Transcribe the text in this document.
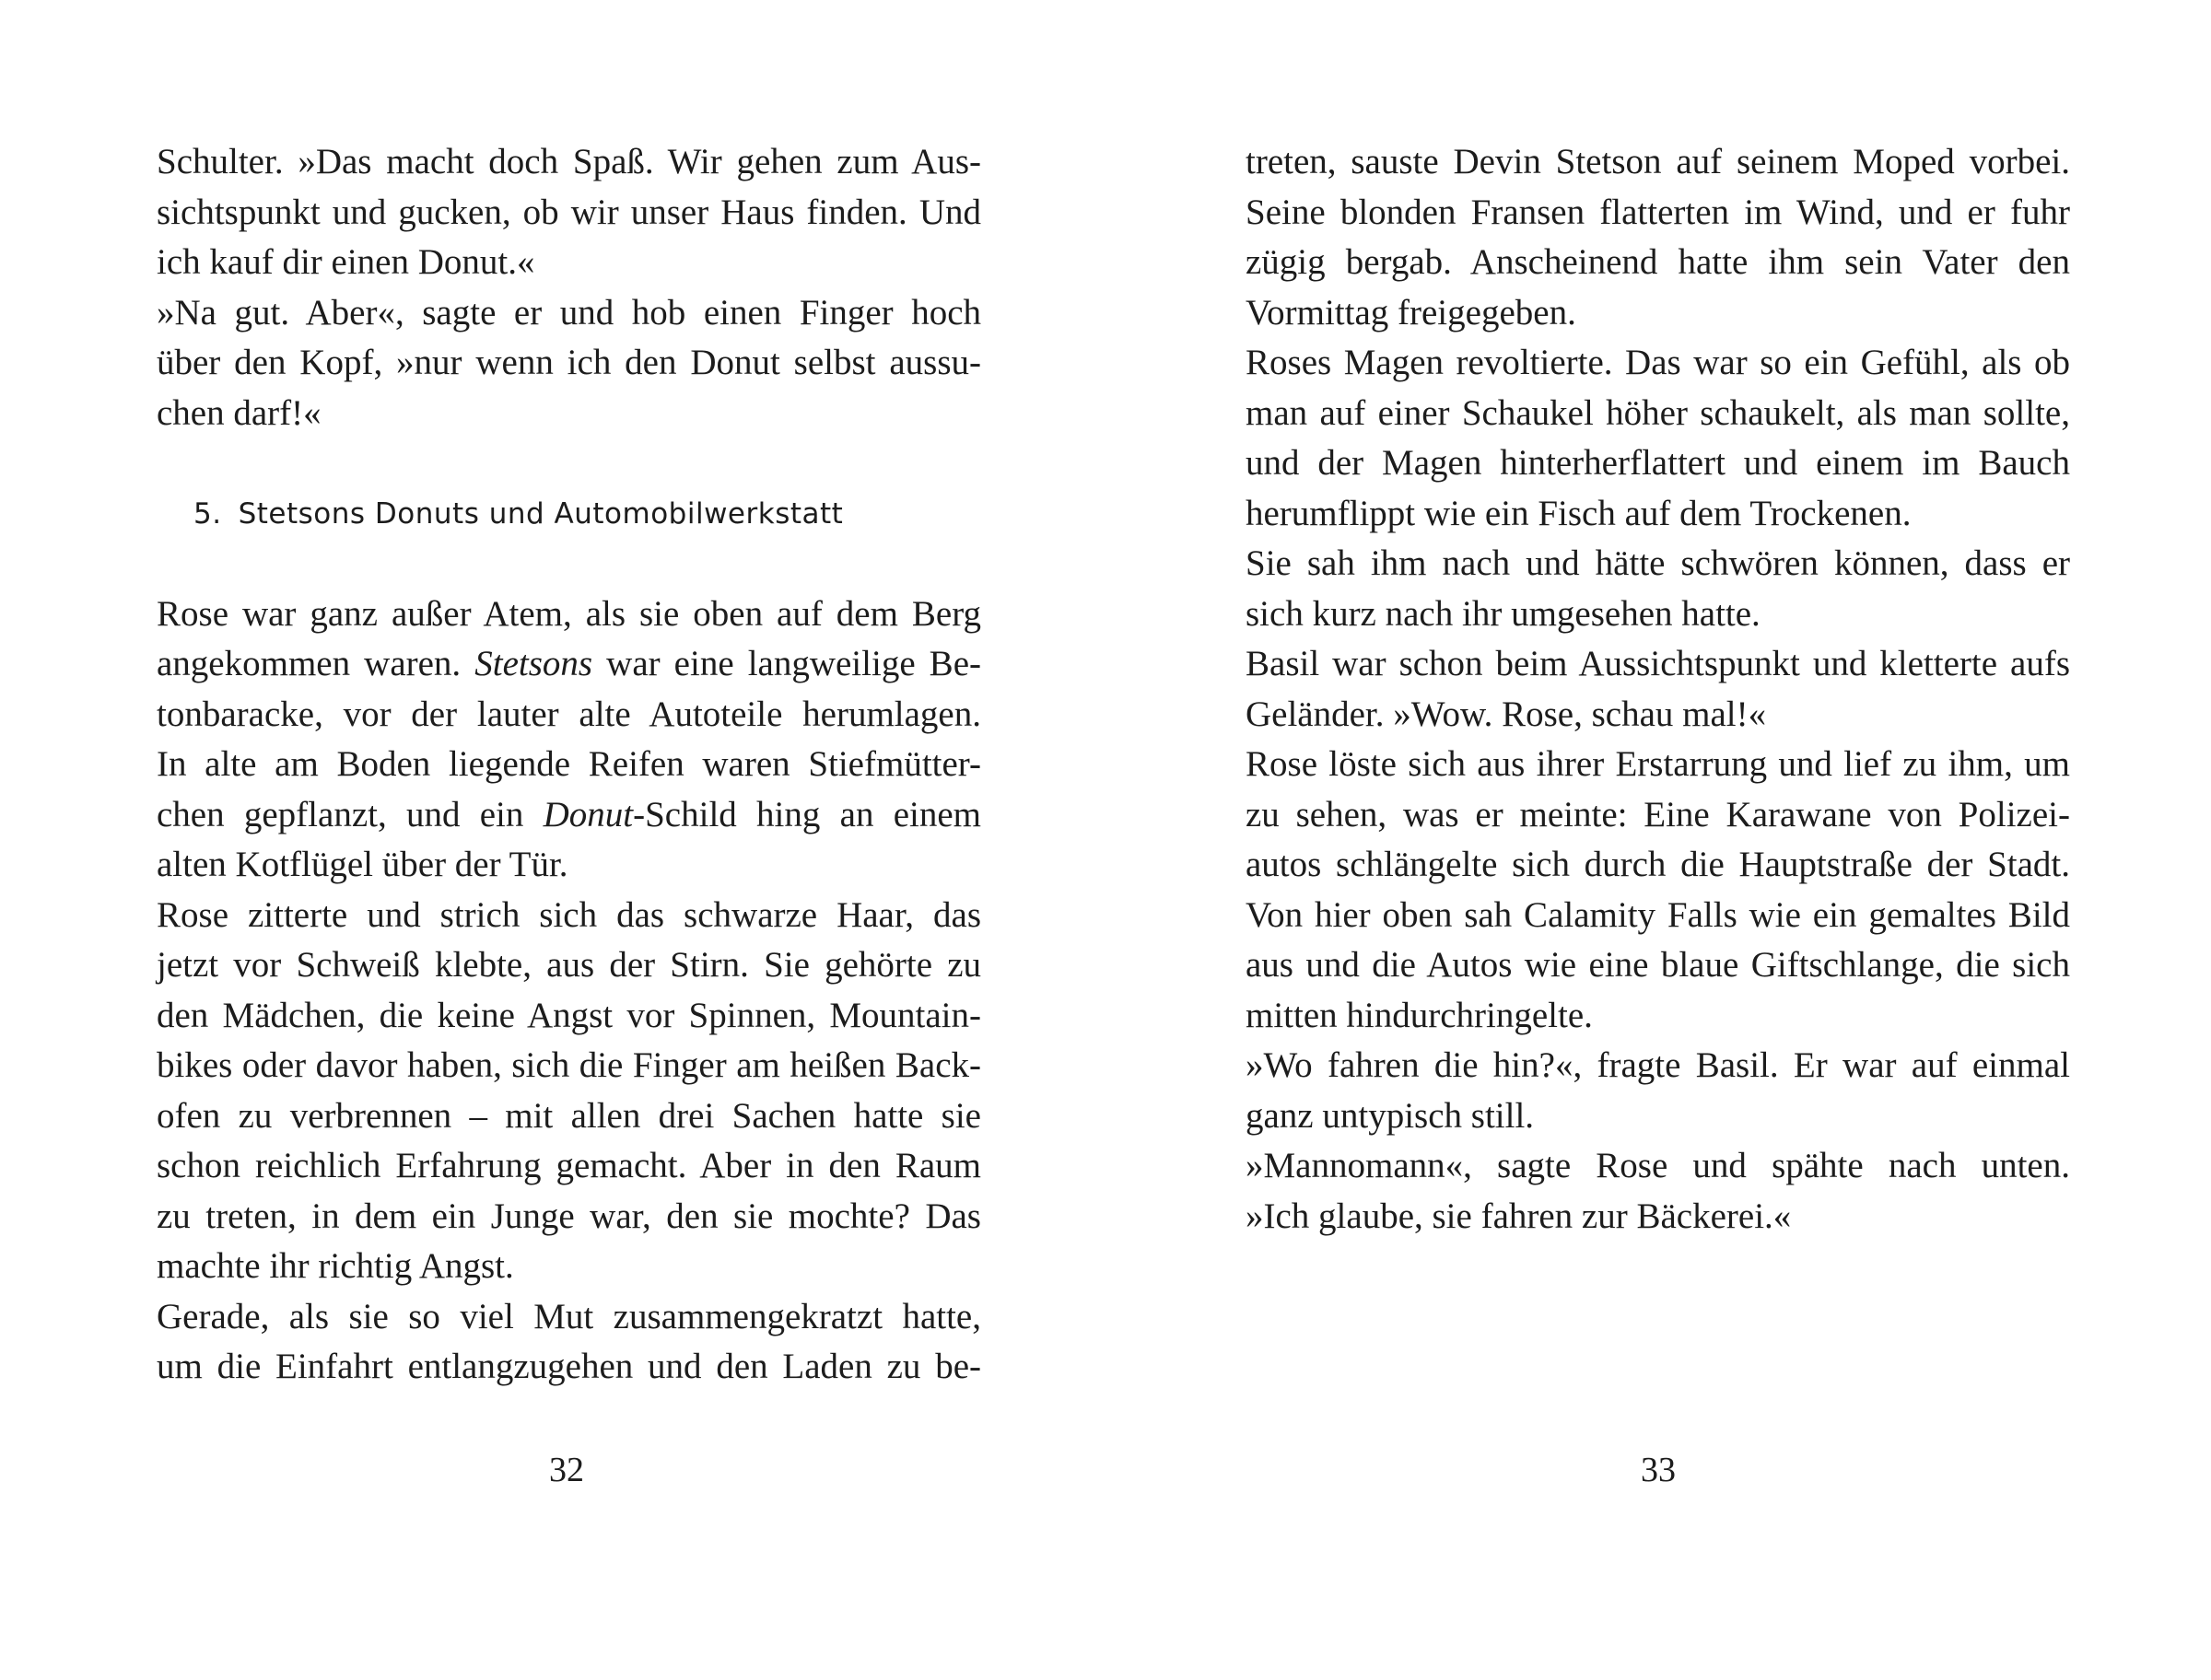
Schulter. »Das macht doch Spaß. Wir gehen zum Aus-
sichtspunkt und gucken, ob wir unser Haus finden. Und
ich kauf dir einen Donut.«
»Na gut. Aber«, sagte er und hob einen Finger hoch
über den Kopf, »nur wenn ich den Donut selbst aussu-
chen darf!«
5. Stetsons Donuts und Automobilwerkstatt
Rose war ganz außer Atem, als sie oben auf dem Berg
angekommen waren. Stetsons war eine langweilige Be-
tonbaracke, vor der lauter alte Autoteile herumlagen.
In alte am Boden liegende Reifen waren Stiefmütter-
chen gepflanzt, und ein Donut-Schild hing an einem
alten Kotflügel über der Tür.
Rose zitterte und strich sich das schwarze Haar, das
jetzt vor Schweiß klebte, aus der Stirn. Sie gehörte zu
den Mädchen, die keine Angst vor Spinnen, Mountain-
bikes oder davor haben, sich die Finger am heißen Back-
ofen zu verbrennen – mit allen drei Sachen hatte sie
schon reichlich Erfahrung gemacht. Aber in den Raum
zu treten, in dem ein Junge war, den sie mochte? Das
machte ihr richtig Angst.
Gerade, als sie so viel Mut zusammengekratzt hatte,
um die Einfahrt entlangzugehen und den Laden zu be-
32
treten, sauste Devin Stetson auf seinem Moped vorbei.
Seine blonden Fransen flatterten im Wind, und er fuhr
zügig bergab. Anscheinend hatte ihm sein Vater den
Vormittag freigegeben.
Roses Magen revoltierte. Das war so ein Gefühl, als ob
man auf einer Schaukel höher schaukelt, als man sollte,
und der Magen hinterherflattert und einem im Bauch
herumflippt wie ein Fisch auf dem Trockenen.
Sie sah ihm nach und hätte schwören können, dass er
sich kurz nach ihr umgesehen hatte.
Basil war schon beim Aussichtspunkt und kletterte aufs
Geländer. »Wow. Rose, schau mal!«
Rose löste sich aus ihrer Erstarrung und lief zu ihm, um
zu sehen, was er meinte: Eine Karawane von Polizei-
autos schlängelte sich durch die Hauptstraße der Stadt.
Von hier oben sah Calamity Falls wie ein gemaltes Bild
aus und die Autos wie eine blaue Giftschlange, die sich
mitten hindurchringelte.
»Wo fahren die hin?«, fragte Basil. Er war auf einmal
ganz untypisch still.
»Mannomann«, sagte Rose und spähte nach unten.
»Ich glaube, sie fahren zur Bäckerei.«
33
